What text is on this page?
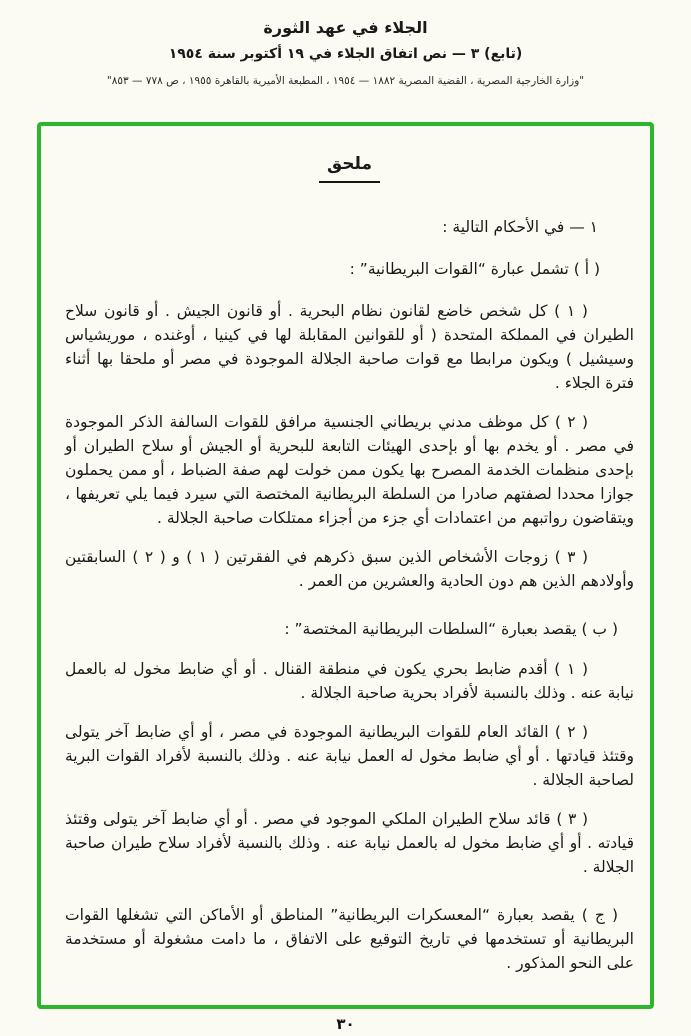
الجلاء في عهد الثورة
(تابع) ٣ — نص اتفاق الجلاء في ١٩ أكتوبر سنة ١٩٥٤
"وزارة الخارجية المصرية ، القضية المصرية ١٨٨٢ — ١٩٥٤ ، المطبعة الأميرية بالقاهرة ١٩٥٥ ، ص ٧٧٨ — ٨٥٣"
ملحق

١ — في الأحكام التالية :

( أ ) تشمل عبارة “القوات البريطانية” :

( ١ ) كل شخص خاضع لقانون نظام البحرية . أو قانون الجيش . أو قانون سلاح الطيران في المملكة المتحدة ( أو للقوانين المقابلة لها في كينيا ، أوغنده ، موريشياس وسيشيل ) ويكون مرابطا مع قوات صاحبة الجلالة الموجودة في مصر أو ملحقا بها أثناء فترة الجلاء .

( ٢ ) كل موظف مدني بريطاني الجنسية مرافق للقوات السالفة الذكر الموجودة في مصر . أو يخدم بها أو بإحدى الهيئات التابعة للبحرية أو الجيش أو سلاح الطيران أو بإحدى منظمات الخدمة المصرح بها يكون ممن خولت لهم صفة الضباط ، أو ممن يحملون جوازا محددا لصفتهم صادرا من السلطة البريطانية المختصة التي سيرد فيما يلي تعريفها ، ويتقاضون رواتبهم من اعتمادات أي جزء من أجزاء ممتلكات صاحبة الجلالة .

( ٣ ) زوجات الأشخاص الذين سبق ذكرهم في الفقرتين ( ١ ) و ( ٢ ) السابقتين وأولادهم الذين هم دون الحادية والعشرين من العمر .

( ب ) يقصد بعبارة “السلطات البريطانية المختصة” :

( ١ ) أقدم ضابط بحري يكون في منطقة القنال . أو أي ضابط مخول له بالعمل نيابة عنه . وذلك بالنسبة لأفراد بحرية صاحبة الجلالة .

( ٢ ) القائد العام للقوات البريطانية الموجودة في مصر ، أو أي ضابط آخر يتولى وقتئذ قيادتها . أو أي ضابط مخول له العمل نيابة عنه . وذلك بالنسبة لأفراد القوات البرية لصاحبة الجلالة .

( ٣ ) قائد سلاح الطيران الملكي الموجود في مصر . أو أي ضابط آخر يتولى وقتئذ قيادته . أو أي ضابط مخول له بالعمل نيابة عنه . وذلك بالنسبة لأفراد سلاح طيران صاحبة الجلالة .

( ج ) يقصد بعبارة “المعسكرات البريطانية” المناطق أو الأماكن التي تشغلها القوات البريطانية أو تستخدمها في تاريخ التوقيع على الاتفاق ، ما دامت مشغولة أو مستخدمة على النحو المذكور .

٣٠
